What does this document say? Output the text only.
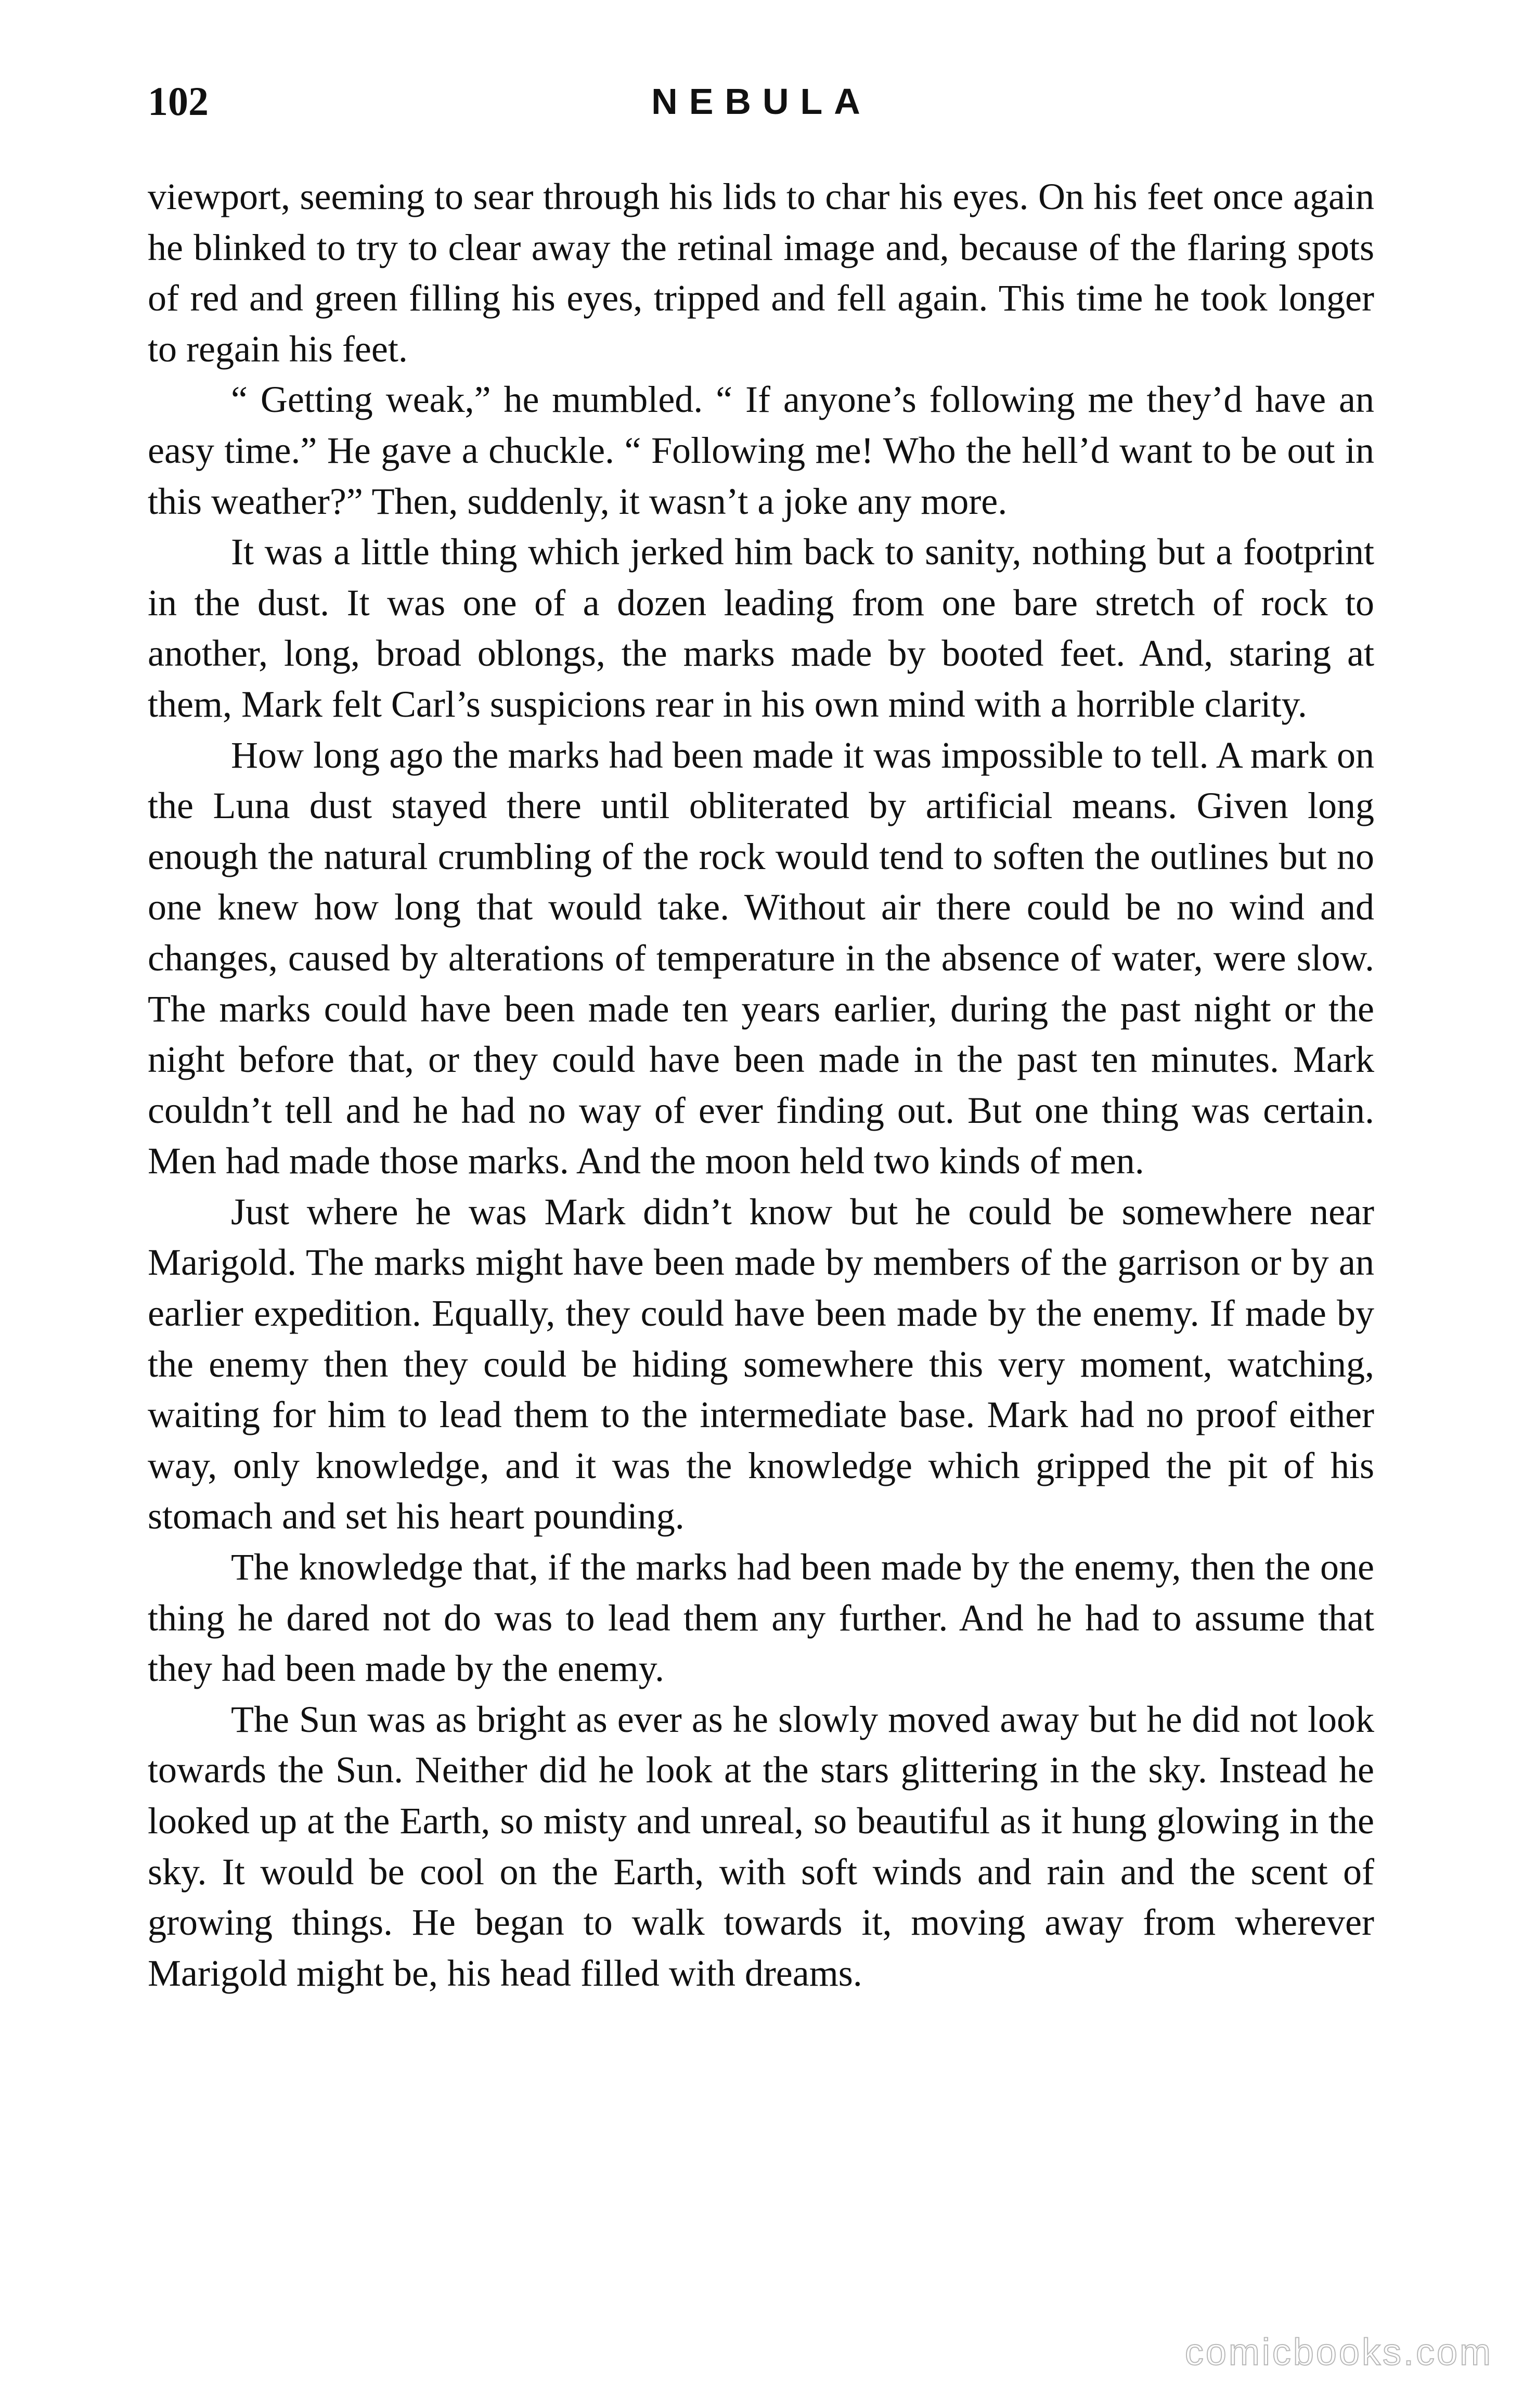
102	NEBULA

viewport, seeming to sear through his lids to char his eyes. On his feet once again he blinked to try to clear away the retinal image and, because of the flaring spots of red and green filling his eyes, tripped and fell again. This time he took longer to regain his feet.

“ Getting weak,” he mumbled. “ If anyone’s following me they’d have an easy time.” He gave a chuckle. “ Following me! Who the hell’d want to be out in this weather?” Then, suddenly, it wasn’t a joke any more.

It was a little thing which jerked him back to sanity, nothing but a footprint in the dust. It was one of a dozen leading from one bare stretch of rock to another, long, broad oblongs, the marks made by booted feet. And, staring at them, Mark felt Carl’s suspicions rear in his own mind with a horrible clarity.

How long ago the marks had been made it was impossible to tell. A mark on the Luna dust stayed there until obliterated by artificial means. Given long enough the natural crumbling of the rock would tend to soften the outlines but no one knew how long that would take. Without air there could be no wind and changes, caused by alterations of temperature in the absence of water, were slow. The marks could have been made ten years earlier, during the past night or the night before that, or they could have been made in the past ten minutes. Mark couldn’t tell and he had no way of ever finding out. But one thing was certain. Men had made those marks. And the moon held two kinds of men.

Just where he was Mark didn’t know but he could be somewhere near Marigold. The marks might have been made by members of the garrison or by an earlier expedition. Equally, they could have been made by the enemy. If made by the enemy then they could be hiding somewhere this very moment, watching, waiting for him to lead them to the intermediate base. Mark had no proof either way, only knowledge, and it was the knowledge which gripped the pit of his stomach and set his heart pounding.

The knowledge that, if the marks had been made by the enemy, then the one thing he dared not do was to lead them any further. And he had to assume that they had been made by the enemy.

The Sun was as bright as ever as he slowly moved away but he did not look towards the Sun. Neither did he look at the stars glittering in the sky. Instead he looked up at the Earth, so misty and unreal, so beautiful as it hung glowing in the sky. It would be cool on the Earth, with soft winds and rain and the scent of growing things. He began to walk towards it, moving away from wherever Marigold might be, his head filled with dreams.

comicbooks.com
